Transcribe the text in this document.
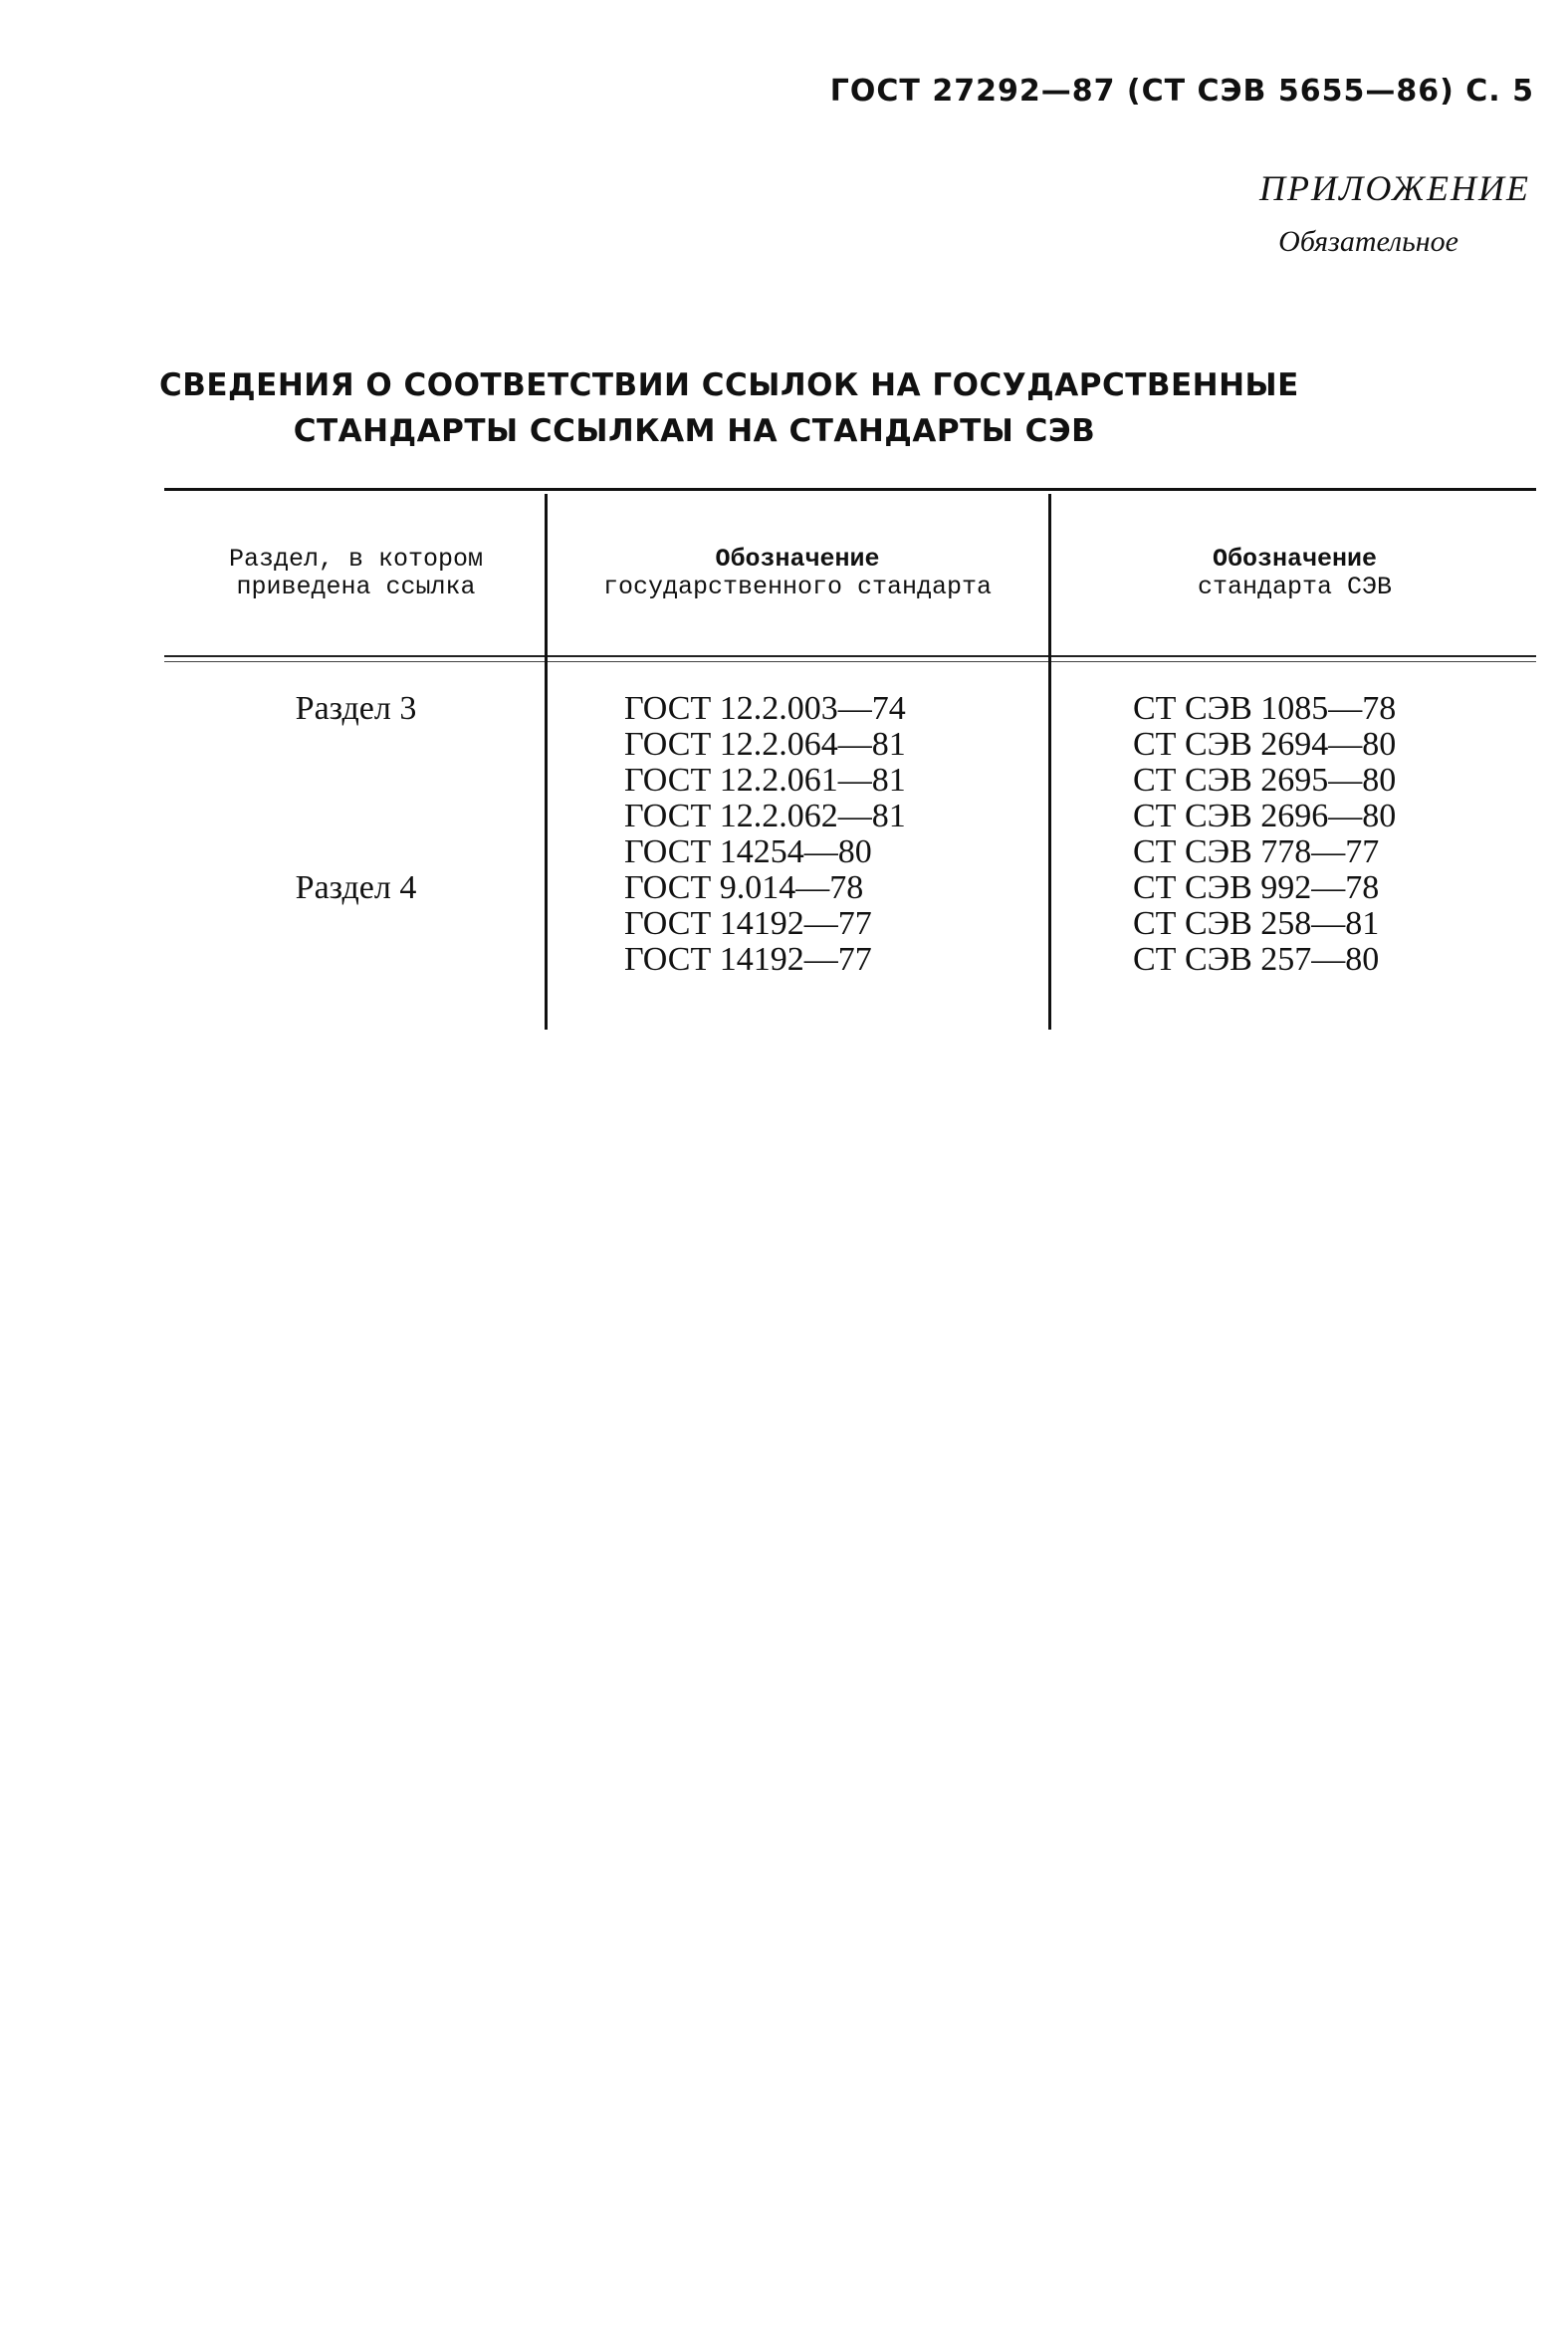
ГОСТ 27292—87 (СТ СЭВ 5655—86) С. 5
ПРИЛОЖЕНИЕ
Обязательное
СВЕДЕНИЯ О СООТВЕТСТВИИ ССЫЛОК НА ГОСУДАРСТВЕННЫЕ
СТАНДАРТЫ ССЫЛКАМ НА СТАНДАРТЫ СЭВ
Раздел, в котором
приведена ссылка
Обозначение
государственного стандарта
Обозначение
стандарта СЭВ
Раздел 3
Раздел 4
ГОСТ 12.2.003—74
ГОСТ 12.2.064—81
ГОСТ 12.2.061—81
ГОСТ 12.2.062—81
ГОСТ 14254—80
ГОСТ 9.014—78
ГОСТ 14192—77
ГОСТ 14192—77
СТ СЭВ 1085—78
СТ СЭВ 2694—80
СТ СЭВ 2695—80
СТ СЭВ 2696—80
СТ СЭВ 778—77
СТ СЭВ 992—78
СТ СЭВ 258—81
СТ СЭВ 257—80
